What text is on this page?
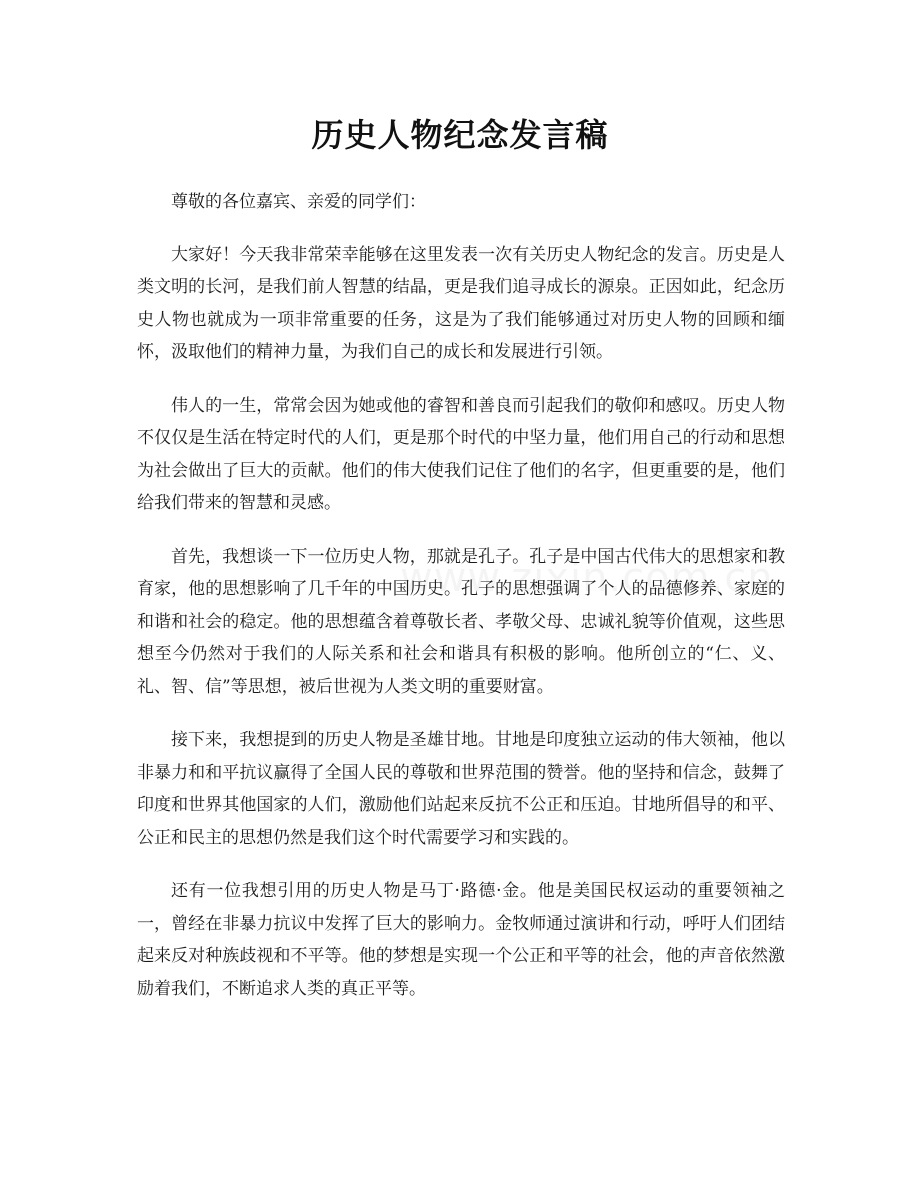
历史人物纪念发言稿

尊敬的各位嘉宾、亲爱的同学们：

大家好！今天我非常荣幸能够在这里发表一次有关历史人物纪念的发言。历史是人类文明的长河，是我们前人智慧的结晶，更是我们追寻成长的源泉。正因如此，纪念历史人物也就成为一项非常重要的任务，这是为了我们能够通过对历史人物的回顾和缅怀，汲取他们的精神力量，为我们自己的成长和发展进行引领。

伟人的一生，常常会因为她或他的睿智和善良而引起我们的敬仰和感叹。历史人物不仅仅是生活在特定时代的人们，更是那个时代的中坚力量，他们用自己的行动和思想为社会做出了巨大的贡献。他们的伟大使我们记住了他们的名字，但更重要的是，他们给我们带来的智慧和灵感。

首先，我想谈一下一位历史人物，那就是孔子。孔子是中国古代伟大的思想家和教育家，他的思想影响了几千年的中国历史。孔子的思想强调了个人的品德修养、家庭的和谐和社会的稳定。他的思想蕴含着尊敬长者、孝敬父母、忠诚礼貌等价值观，这些思想至今仍然对于我们的人际关系和社会和谐具有积极的影响。他所创立的“仁、义、礼、智、信”等思想，被后世视为人类文明的重要财富。

接下来，我想提到的历史人物是圣雄甘地。甘地是印度独立运动的伟大领袖，他以非暴力和和平抗议赢得了全国人民的尊敬和世界范围的赞誉。他的坚持和信念，鼓舞了印度和世界其他国家的人们，激励他们站起来反抗不公正和压迫。甘地所倡导的和平、公正和民主的思想仍然是我们这个时代需要学习和实践的。

还有一位我想引用的历史人物是马丁·路德·金。他是美国民权运动的重要领袖之一，曾经在非暴力抗议中发挥了巨大的影响力。金牧师通过演讲和行动，呼吁人们团结起来反对种族歧视和不平等。他的梦想是实现一个公正和平等的社会，他的声音依然激励着我们，不断追求人类的真正平等。
